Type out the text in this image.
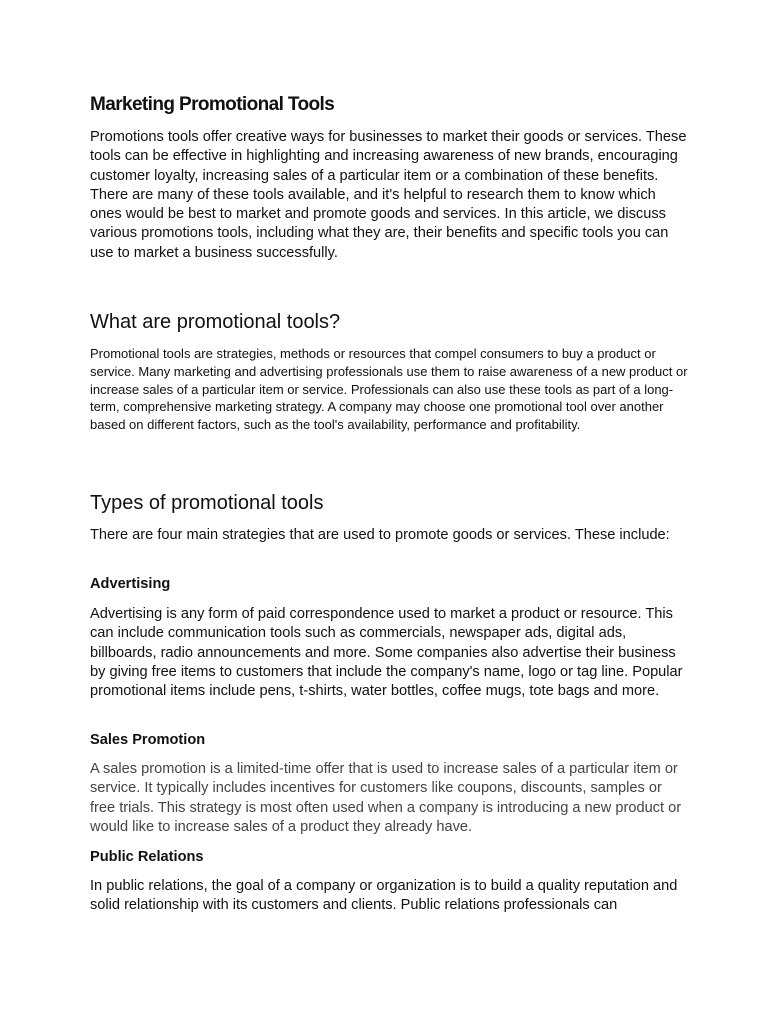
Marketing Promotional Tools

Promotions tools offer creative ways for businesses to market their goods or services. These tools can be effective in highlighting and increasing awareness of new brands, encouraging customer loyalty, increasing sales of a particular item or a combination of these benefits. There are many of these tools available, and it's helpful to research them to know which ones would be best to market and promote goods and services. In this article, we discuss various promotions tools, including what they are, their benefits and specific tools you can use to market a business successfully.

What are promotional tools?

Promotional tools are strategies, methods or resources that compel consumers to buy a product or service. Many marketing and advertising professionals use them to raise awareness of a new product or increase sales of a particular item or service. Professionals can also use these tools as part of a long-term, comprehensive marketing strategy. A company may choose one promotional tool over another based on different factors, such as the tool's availability, performance and profitability.

Types of promotional tools

There are four main strategies that are used to promote goods or services. These include:

Advertising

Advertising is any form of paid correspondence used to market a product or resource. This can include communication tools such as commercials, newspaper ads, digital ads, billboards, radio announcements and more. Some companies also advertise their business by giving free items to customers that include the company's name, logo or tag line. Popular promotional items include pens, t-shirts, water bottles, coffee mugs, tote bags and more.

Sales Promotion

A sales promotion is a limited-time offer that is used to increase sales of a particular item or service. It typically includes incentives for customers like coupons, discounts, samples or free trials. This strategy is most often used when a company is introducing a new product or would like to increase sales of a product they already have.

Public Relations

In public relations, the goal of a company or organization is to build a quality reputation and solid relationship with its customers and clients. Public relations professionals can
